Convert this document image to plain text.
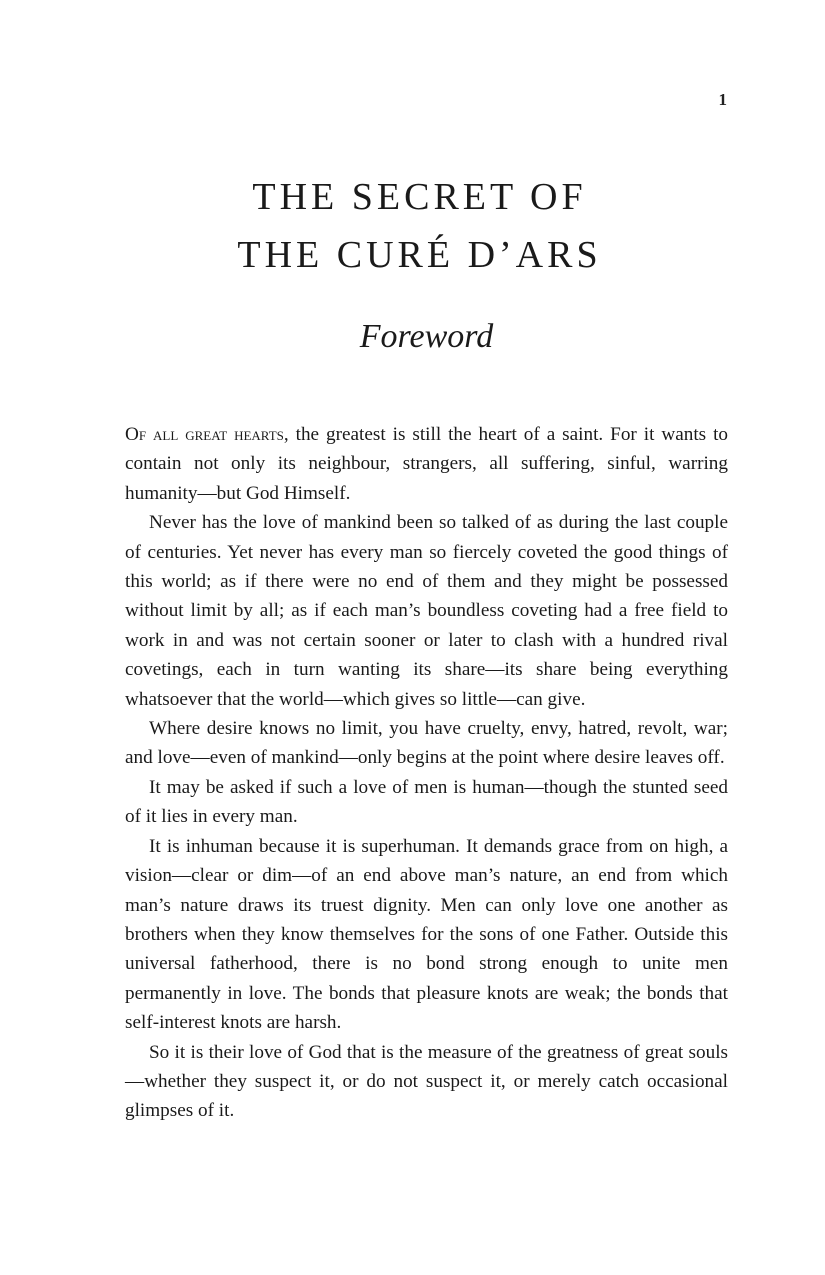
1
THE SECRET OF
THE CURÉ D’ARS
Foreword

Of all great hearts, the greatest is still the heart of a saint. For it wants to contain not only its neighbour, strangers, all suffering, sinful, warring humanity—but God Himself.

Never has the love of mankind been so talked of as during the last couple of centuries. Yet never has every man so fiercely coveted the good things of this world; as if there were no end of them and they might be possessed without limit by all; as if each man’s boundless coveting had a free field to work in and was not certain sooner or later to clash with a hundred rival covetings, each in turn wanting its share—its share being everything whatsoever that the world—which gives so little—can give.

Where desire knows no limit, you have cruelty, envy, hatred, revolt, war; and love—even of mankind—only begins at the point where desire leaves off.

It may be asked if such a love of men is human—though the stunted seed of it lies in every man.

It is inhuman because it is superhuman. It demands grace from on high, a vision—clear or dim—of an end above man’s nature, an end from which man’s nature draws its truest dignity. Men can only love one another as brothers when they know themselves for the sons of one Father. Outside this universal fatherhood, there is no bond strong enough to unite men permanently in love. The bonds that pleasure knots are weak; the bonds that self-interest knots are harsh.

So it is their love of God that is the measure of the greatness of great souls—whether they suspect it, or do not suspect it, or merely catch occasional glimpses of it.
